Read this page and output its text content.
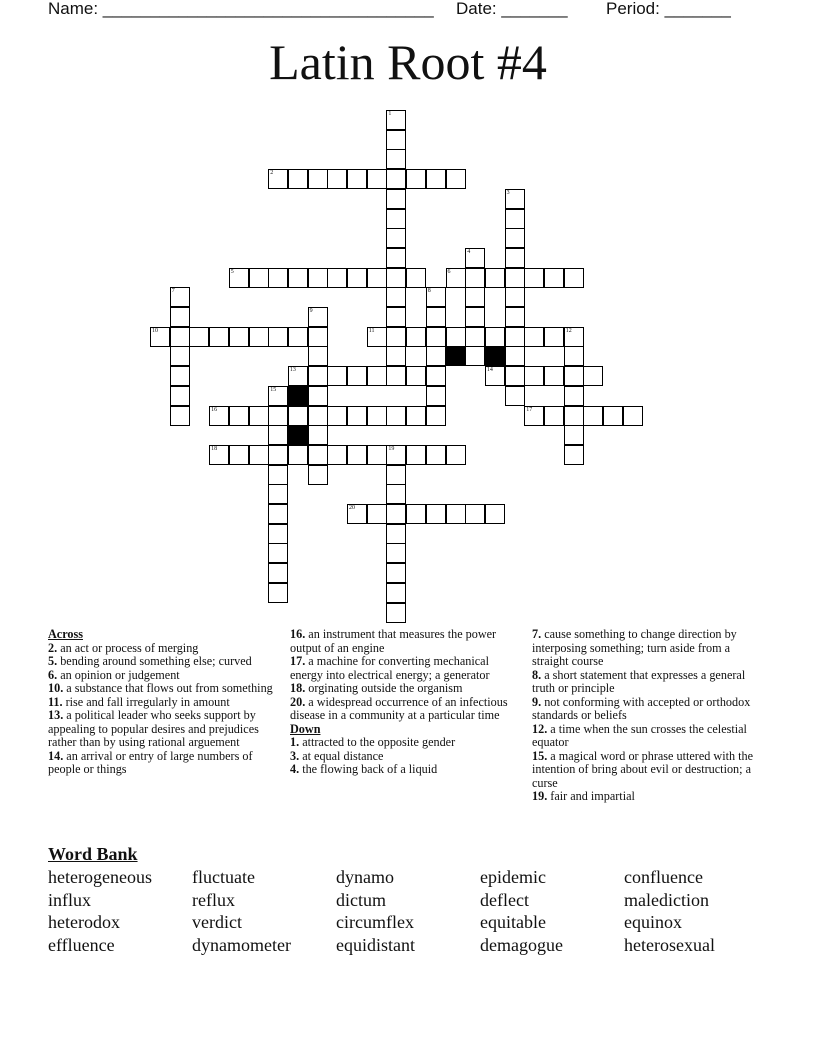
Name: ___________________________________

Date: _______

Period: _______

Latin Root #4
1
2
3
4
5	6
7	8
9
10	11	12
13	14
15
16	17
18	19
20
Across
2. an act or process of merging
5. bending around something else; curved
6. an opinion or judgement
10. a substance that flows out from something
11. rise and fall irregularly in amount
13. a political leader who seeks support by appealing to popular desires and prejudices rather than by using rational arguement
14. an arrival or entry of large numbers of people or things
16. an instrument that measures the power output of an engine
17. a machine for converting mechanical energy into electrical energy; a generator
18. orginating outside the organism
20. a widespread occurrence of an infectious disease in a community at a particular time
Down
1. attracted to the opposite gender
3. at equal distance
4. the flowing back of a liquid
7. cause something to change direction by interposing something; turn aside from a straight course
8. a short statement that expresses a general truth or principle
9. not conforming with accepted or orthodox standards or beliefs
12. a time when the sun crosses the celestial equator
15. a magical word or phrase uttered with the intention of bring about evil or destruction; a curse
19. fair and impartial
Word Bank
heterogeneous fluctuate	dynamo	epidemic	confluence
influx	reflux	dictum	deflect	malediction
heterodox	verdict	circumflex	equitable	equinox
effluence	dynamometer	equidistant	demagogue	heterosexual
